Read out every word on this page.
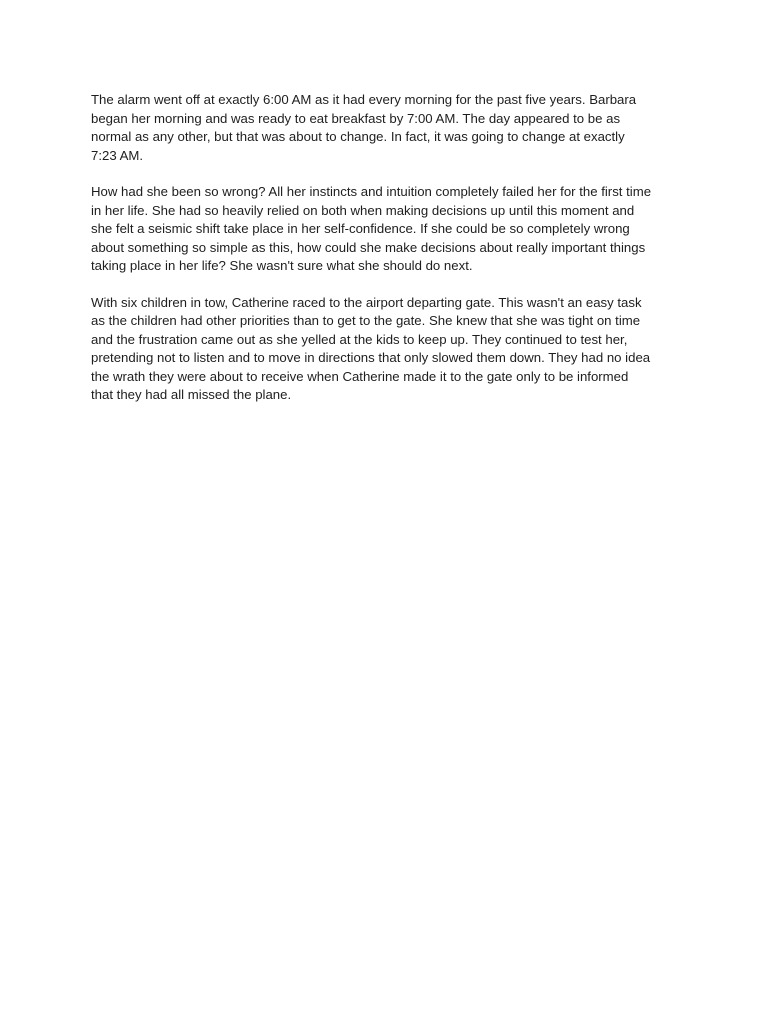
The alarm went off at exactly 6:00 AM as it had every morning for the past five years. Barbara
began her morning and was ready to eat breakfast by 7:00 AM. The day appeared to be as
normal as any other, but that was about to change. In fact, it was going to change at exactly
7:23 AM.

How had she been so wrong? All her instincts and intuition completely failed her for the first time
in her life. She had so heavily relied on both when making decisions up until this moment and
she felt a seismic shift take place in her self-confidence. If she could be so completely wrong
about something so simple as this, how could she make decisions about really important things
taking place in her life? She wasn't sure what she should do next.

With six children in tow, Catherine raced to the airport departing gate. This wasn't an easy task
as the children had other priorities than to get to the gate. She knew that she was tight on time
and the frustration came out as she yelled at the kids to keep up. They continued to test her,
pretending not to listen and to move in directions that only slowed them down. They had no idea
the wrath they were about to receive when Catherine made it to the gate only to be informed
that they had all missed the plane.
